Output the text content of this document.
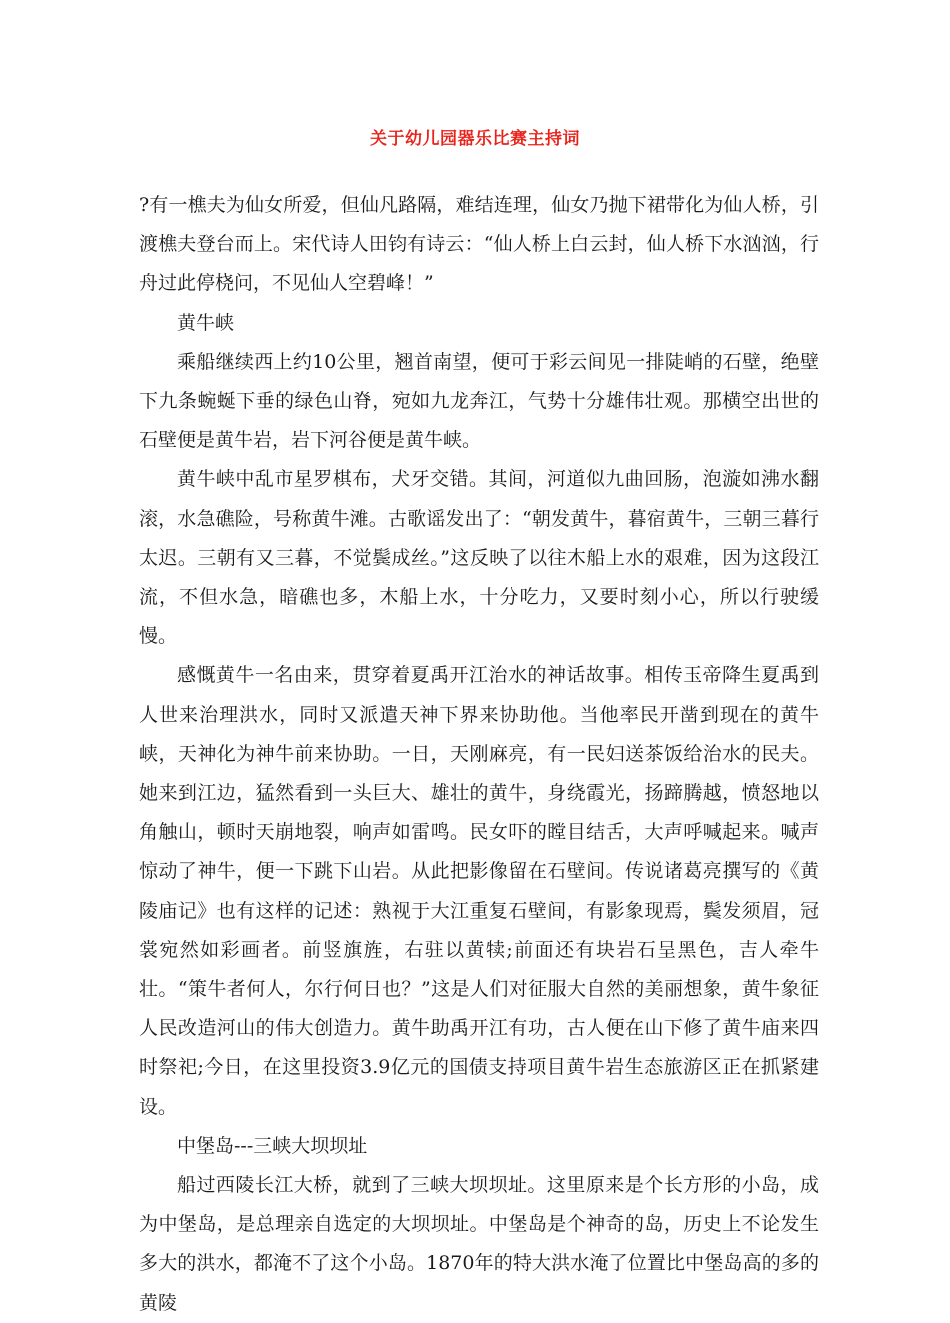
关于幼儿园器乐比赛主持词

?有一樵夫为仙女所爱，但仙凡路隔，难结连理，仙女乃抛下裙带化为仙人桥，引渡樵夫登台而上。宋代诗人田钧有诗云：“仙人桥上白云封，仙人桥下水汹汹，行舟过此停桡问，不见仙人空碧峰！”

黄牛峡

乘船继续西上约10公里，翘首南望，便可于彩云间见一排陡峭的石壁，绝壁下九条蜿蜒下垂的绿色山脊，宛如九龙奔江，气势十分雄伟壮观。那横空出世的石壁便是黄牛岩，岩下河谷便是黄牛峡。

黄牛峡中乱市星罗棋布，犬牙交错。其间，河道似九曲回肠，泡漩如沸水翻滚，水急礁险，号称黄牛滩。古歌谣发出了：“朝发黄牛，暮宿黄牛，三朝三暮行太迟。三朝有又三暮，不觉鬓成丝。”这反映了以往木船上水的艰难，因为这段江流，不但水急，暗礁也多，木船上水，十分吃力，又要时刻小心，所以行驶缓慢。

感慨黄牛一名由来，贯穿着夏禹开江治水的神话故事。相传玉帝降生夏禹到人世来治理洪水，同时又派遣天神下界来协助他。当他率民开凿到现在的黄牛峡，天神化为神牛前来协助。一日，天刚麻亮，有一民妇送茶饭给治水的民夫。她来到江边，猛然看到一头巨大、雄壮的黄牛，身绕霞光，扬蹄腾越，愤怒地以角触山，顿时天崩地裂，响声如雷鸣。民女吓的瞠目结舌，大声呼喊起来。喊声惊动了神牛，便一下跳下山岩。从此把影像留在石壁间。传说诸葛亮撰写的《黄陵庙记》也有这样的记述：熟视于大江重复石壁间，有影象现焉，鬓发须眉，冠裳宛然如彩画者。前竖旗旌，右驻以黄犊;前面还有块岩石呈黑色，吉人牵牛壮。“策牛者何人，尔行何日也？”这是人们对征服大自然的美丽想象，黄牛象征人民改造河山的伟大创造力。黄牛助禹开江有功，古人便在山下修了黄牛庙来四时祭祀;今日，在这里投资3.9亿元的国债支持项目黄牛岩生态旅游区正在抓紧建设。

中堡岛---三峡大坝坝址

船过西陵长江大桥，就到了三峡大坝坝址。这里原来是个长方形的小岛，成为中堡岛，是总理亲自选定的大坝坝址。中堡岛是个神奇的岛，历史上不论发生多大的洪水，都淹不了这个小岛。1870年的特大洪水淹了位置比中堡岛高的多的黄陵
